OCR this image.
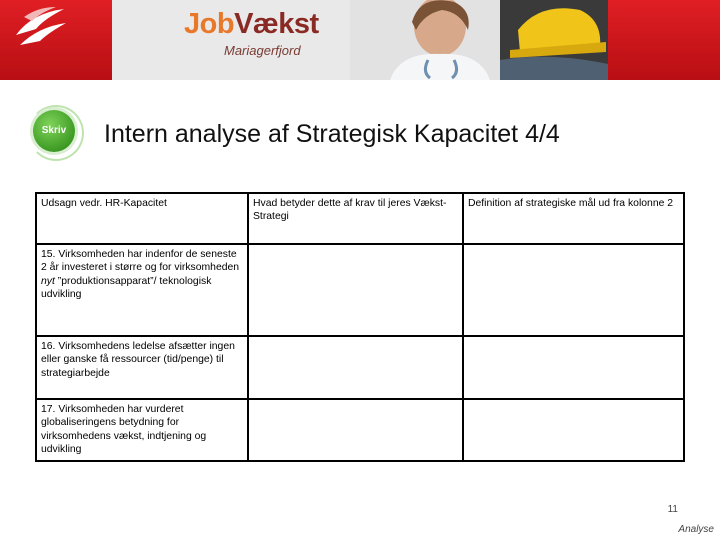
JobVækst
Mariagerfjord
Skriv	Intern analyse af Strategisk Kapacitet 4/4
Udsagn vedr. HR-Kapacitet	Hvad betyder dette af krav til jeres Vækst-Strategi	Definition af strategiske mål ud fra kolonne 2
15. Virksomheden har indenfor de seneste 2 år investeret i større og for virksomheden nyt ”produktionsapparat”/ teknologisk udvikling		
16. Virksomhedens ledelse afsætter ingen eller ganske få ressourcer (tid/penge) til strategiarbejde		
17. Virksomheden har vurderet globaliseringens betydning for virksomhedens vækst, indtjening og udvikling		
11
Analyse
